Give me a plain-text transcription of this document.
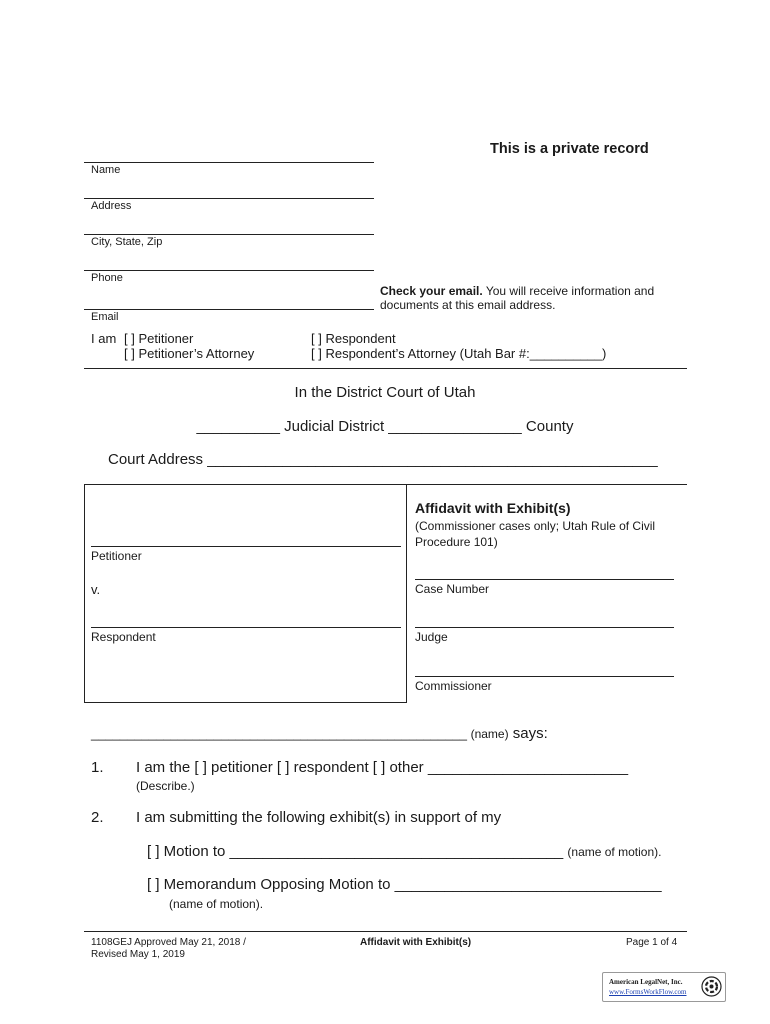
This is a private record
Name
Address
City, State, Zip
Phone
Check your email. You will receive information and
documents at this email address.
Email
I am [ ] Petitioner
[ ] Petitioner’s Attorney
[ ] Respondent
[ ] Respondent’s Attorney (Utah Bar #:__________)
In the District Court of Utah
__________ Judicial District ________________ County
Court Address ______________________________________________________
Petitioner
v.
Respondent
Affidavit with Exhibit(s)
(Commissioner cases only; Utah Rule of Civil
Procedure 101)
Case Number
Judge
Commissioner
____________________________________________________ (name) says:
1. I am the [ ] petitioner [ ] respondent [ ] other ________________________
(Describe.)
2. I am submitting the following exhibit(s) in support of my
[ ] Motion to ________________________________________ (name of motion).
[ ] Memorandum Opposing Motion to ________________________________
(name of motion).
1108GEJ Approved May 21, 2018 /
Revised May 1, 2019
Affidavit with Exhibit(s)	Page 1 of 4
American LegalNet, Inc.
www.FormsWorkFlow.com
